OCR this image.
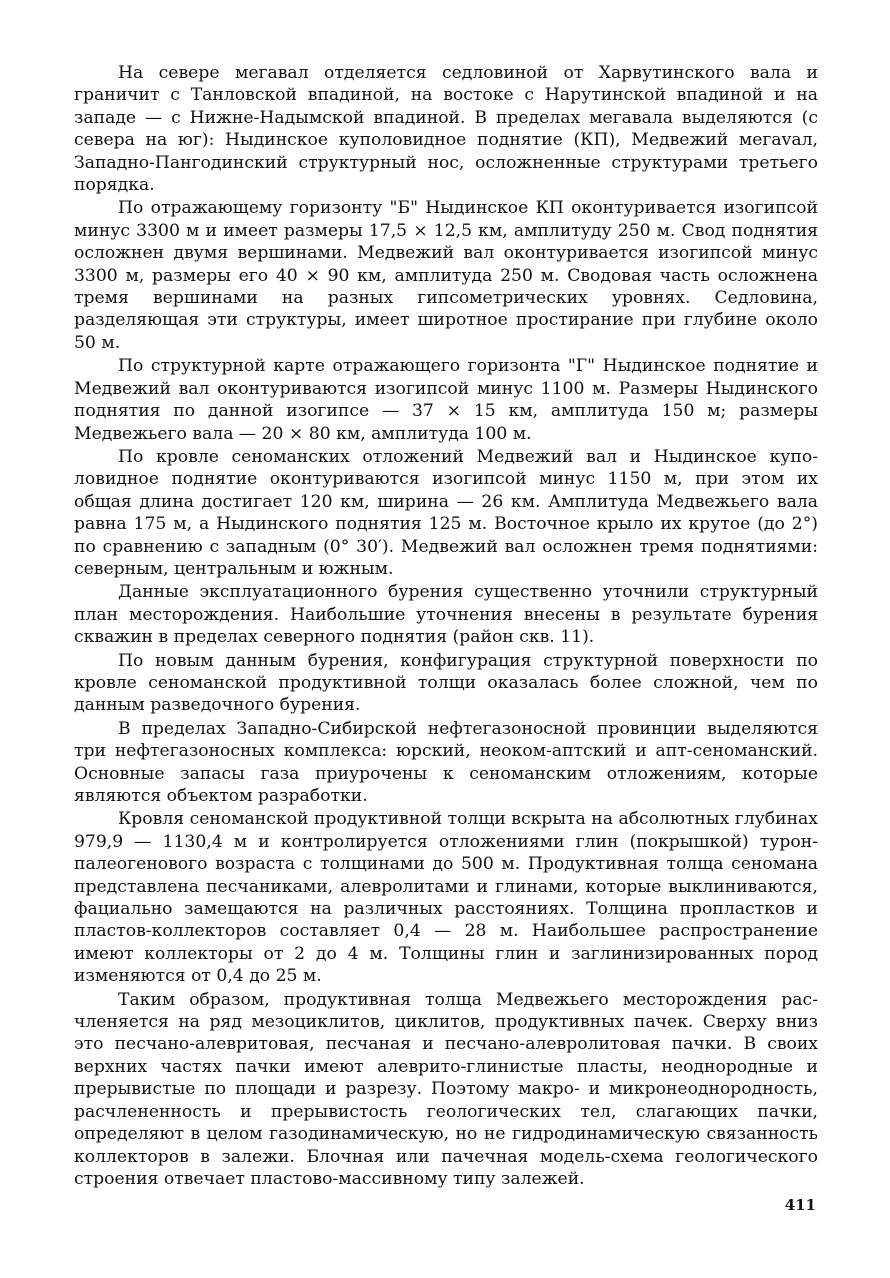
На севере мегавал отделяется седловиной от Харвутинского вала и граничит с Танловской впадиной, на востоке с Нарутинской впадиной и на западе — с Нижне-Надымской впадиной. В пределах мегавала выделяются (с севера на юг): Ныдинское куполовидное поднятие (КП), Медвежий мегаvал, Западно-Пангодинский структурный нос, осложненные структурами третьего порядка.

По отражающему горизонту "Б" Ныдинское КП оконтуривается изогипсой минус 3300 м и имеет размеры 17,5 × 12,5 км, амплитуду 250 м. Свод поднятия осложнен двумя вершинами. Медвежий вал оконтуривается изогипсой минус 3300 м, размеры его 40 × 90 км, амплитуда 250 м. Сводовая часть осложнена тремя вершинами на разных гипсометрических уровнях. Седловина, разделяющая эти структуры, имеет широтное простирание при глубине около 50 м.

По структурной карте отражающего горизонта "Г" Ныдинское поднятие и Медвежий вал оконтуриваются изогипсой минус 1100 м. Размеры Ныдинского поднятия по данной изогипсе — 37 × 15 км, амплитуда 150 м; размеры Медвежьего вала — 20 × 80 км, амплитуда 100 м.

По кровле сеноманских отложений Медвежий вал и Ныдинское куполовидное поднятие оконтуриваются изогипсой минус 1150 м, при этом их общая длина достигает 120 км, ширина — 26 км. Амплитуда Медвежьего вала равна 175 м, а Ныдинского поднятия 125 м. Восточное крыло их крутое (до 2°) по сравнению с западным (0° 30′). Медвежий вал осложнен тремя поднятиями: северным, центральным и южным.

Данные эксплуатационного бурения существенно уточнили структурный план месторождения. Наибольшие уточнения внесены в результате бурения скважин в пределах северного поднятия (район скв. 11).

По новым данным бурения, конфигурация структурной поверхности по кровле сеноманской продуктивной толщи оказалась более сложной, чем по данным разведочного бурения.

В пределах Западно-Сибирской нефтегазоносной провинции выделяются три нефтегазоносных комплекса: юрский, неоком-аптский и апт-сеноманский. Основные запасы газа приурочены к сеноманским отложениям, которые являются объектом разработки.

Кровля сеноманской продуктивной толщи вскрыта на абсолютных глубинах 979,9 — 1130,4 м и контролируется отложениями глин (покрышкой) турон-палеогенового возраста с толщинами до 500 м. Продуктивная толща сеномана представлена песчаниками, алевролитами и глинами, которые выклиниваются, фациально замещаются на различных расстояниях. Толщина пропластков и пластов-коллекторов составляет 0,4 — 28 м. Наибольшее распространение имеют коллекторы от 2 до 4 м. Толщины глин и заглинизированных пород изменяются от 0,4 до 25 м.

Таким образом, продуктивная толща Медвежьего месторождения расчленяется на ряд мезоциклитов, циклитов, продуктивных пачек. Сверху вниз это песчано-алевритовая, песчаная и песчано-алевролитовая пачки. В своих верхних частях пачки имеют алеврито-глинистые пласты, неоднородные и прерывистые по площади и разрезу. Поэтому макро- и микронеоднородность, расчлененность и прерывистость геологических тел, слагающих пачки, определяют в целом газодинамическую, но не гидродинамическую связанность коллекторов в залежи. Блочная или пачечная модель-схема геологического строения отвечает пластово-массивному типу залежей.

411
